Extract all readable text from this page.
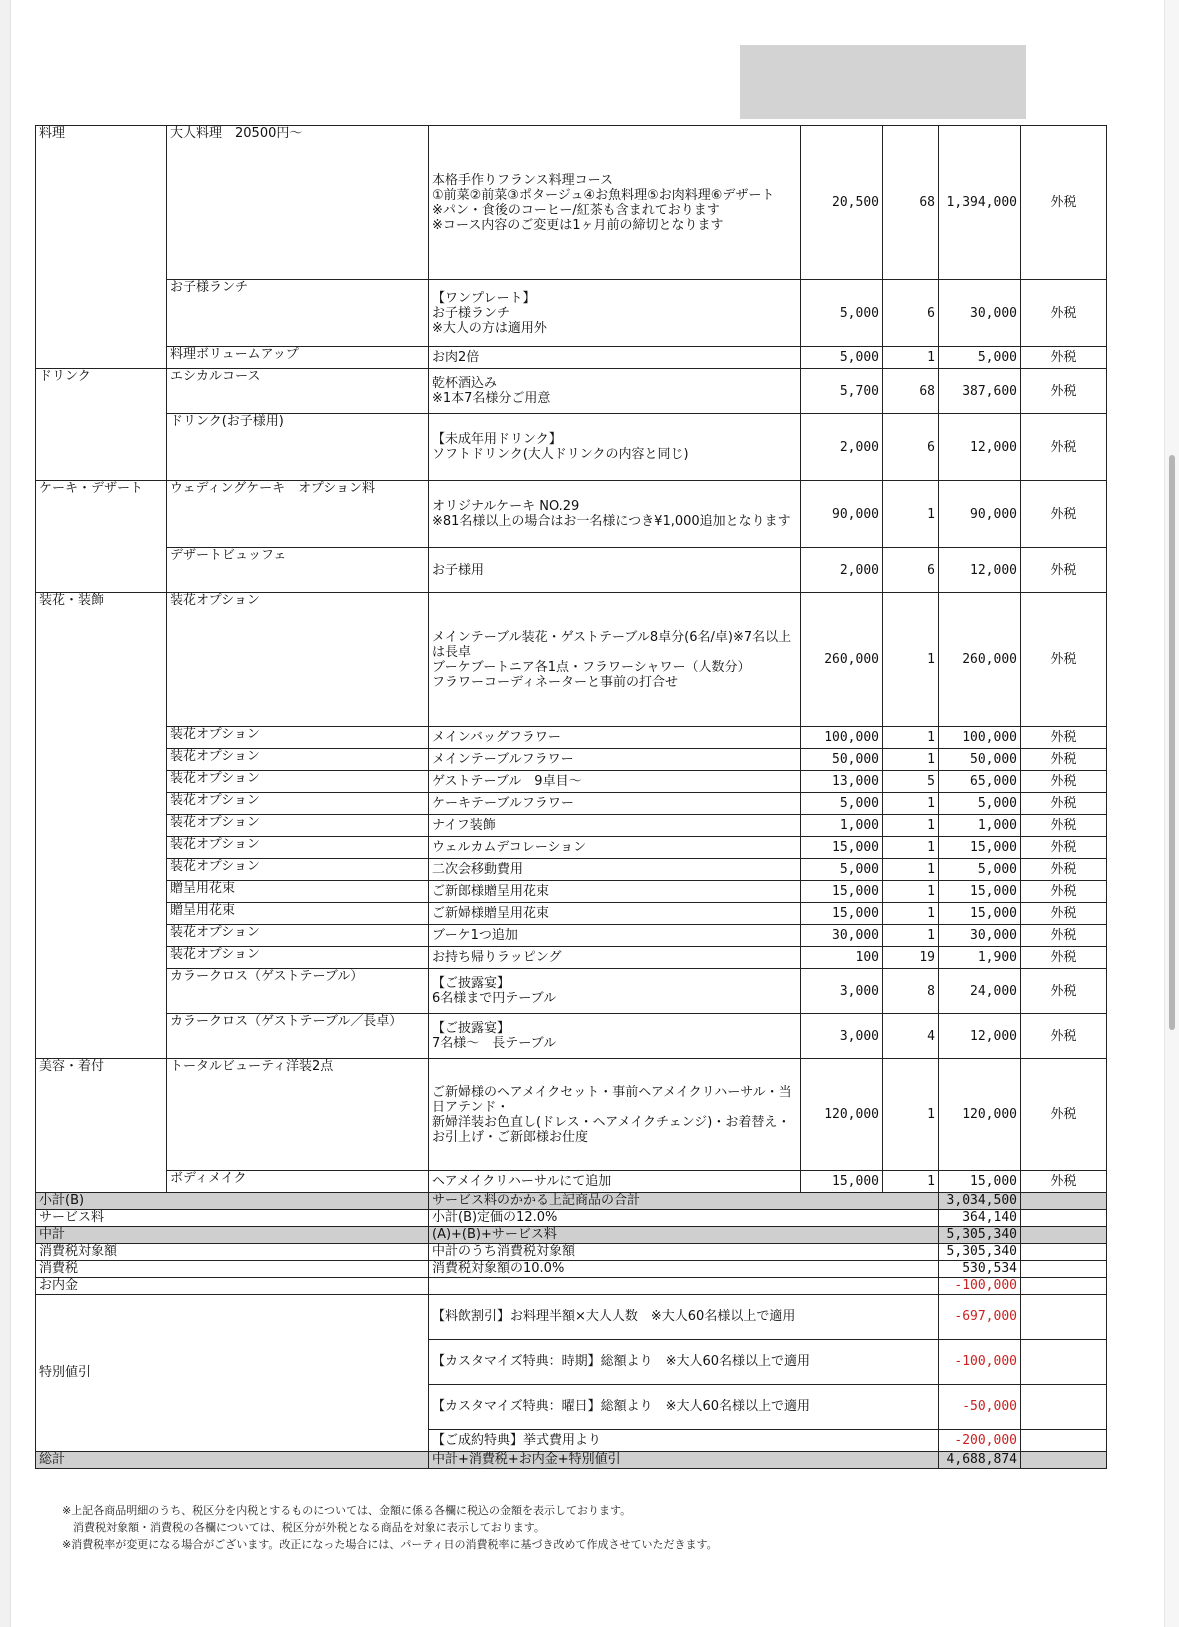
料理	大人料理　20500円～	本格手作りフランス料理コース
①前菜②前菜③ポタージュ④お魚料理⑤お肉料理⑥デザート
※パン・食後のコーヒー/紅茶も含まれております
※コース内容のご変更は1ヶ月前の締切となります	20,500	68	1,394,000	外税
	お子様ランチ	【ワンプレート】
お子様ランチ
※大人の方は適用外	5,000	6	30,000	外税
	料理ボリュームアップ	お肉2倍	5,000	1	5,000	外税
ドリンク	エシカルコース	乾杯酒込み
※1本7名様分ご用意	5,700	68	387,600	外税
	ドリンク(お子様用)	【未成年用ドリンク】
ソフトドリンク(大人ドリンクの内容と同じ)	2,000	6	12,000	外税
ケーキ・デザート	ウェディングケーキ　オプション料	オリジナルケーキ NO.29
※81名様以上の場合はお一名様につき¥1,000追加となります	90,000	1	90,000	外税
	デザートビュッフェ	お子様用	2,000	6	12,000	外税
装花・装飾	装花オプション	メインテーブル装花・ゲストテーブル8卓分(6名/卓)※7名以上は長卓
ブーケブートニア各1点・フラワーシャワー（人数分）
フラワーコーディネーターと事前の打合せ	260,000	1	260,000	外税
	装花オプション	メインバッグフラワー	100,000	1	100,000	外税
	装花オプション	メインテーブルフラワー	50,000	1	50,000	外税
	装花オプション	ゲストテーブル　9卓目～	13,000	5	65,000	外税
	装花オプション	ケーキテーブルフラワー	5,000	1	5,000	外税
	装花オプション	ナイフ装飾	1,000	1	1,000	外税
	装花オプション	ウェルカムデコレーション	15,000	1	15,000	外税
	装花オプション	二次会移動費用	5,000	1	5,000	外税
	贈呈用花束	ご新郎様贈呈用花束	15,000	1	15,000	外税
	贈呈用花束	ご新婦様贈呈用花束	15,000	1	15,000	外税
	装花オプション	ブーケ1つ追加	30,000	1	30,000	外税
	装花オプション	お持ち帰りラッピング	100	19	1,900	外税
	カラークロス（ゲストテーブル）	【ご披露宴】
6名様まで円テーブル	3,000	8	24,000	外税
	カラークロス（ゲストテーブル／長卓）	【ご披露宴】
7名様～　長テーブル	3,000	4	12,000	外税
美容・着付	トータルビューティ洋装2点	ご新婦様のヘアメイクセット・事前ヘアメイクリハーサル・当日アテンド・
新婦洋装お色直し(ドレス・ヘアメイクチェンジ)・お着替え・お引上げ・ご新郎様お仕度	120,000	1	120,000	外税
	ボディメイク	ヘアメイクリハーサルにて追加	15,000	1	15,000	外税
小計(B)		サービス料のかかる上記商品の合計			3,034,500	
サービス料		小計(B)定価の12.0%			364,140	
中計		(A)+(B)+サービス料			5,305,340	
消費税対象額		中計のうち消費税対象額			5,305,340	
消費税		消費税対象額の10.0%			530,534	
お内金					-100,000	
特別値引		【料飲割引】お料理半額×大人人数　※大人60名様以上で適用			-697,000	
		【カスタマイズ特典：時期】総額より　※大人60名様以上で適用			-100,000	
		【カスタマイズ特典：曜日】総額より　※大人60名様以上で適用			-50,000	
		【ご成約特典】挙式費用より			-200,000	
総計		中計+消費税+お内金+特別値引			4,688,874	
※上記各商品明細のうち、税区分を内税とするものについては、金額に係る各欄に税込の金額を表示しております。
　消費税対象額・消費税の各欄については、税区分が外税となる商品を対象に表示しております。
※消費税率が変更になる場合がございます。改正になった場合には、パーティ日の消費税率に基づき改めて作成させていただきます。
